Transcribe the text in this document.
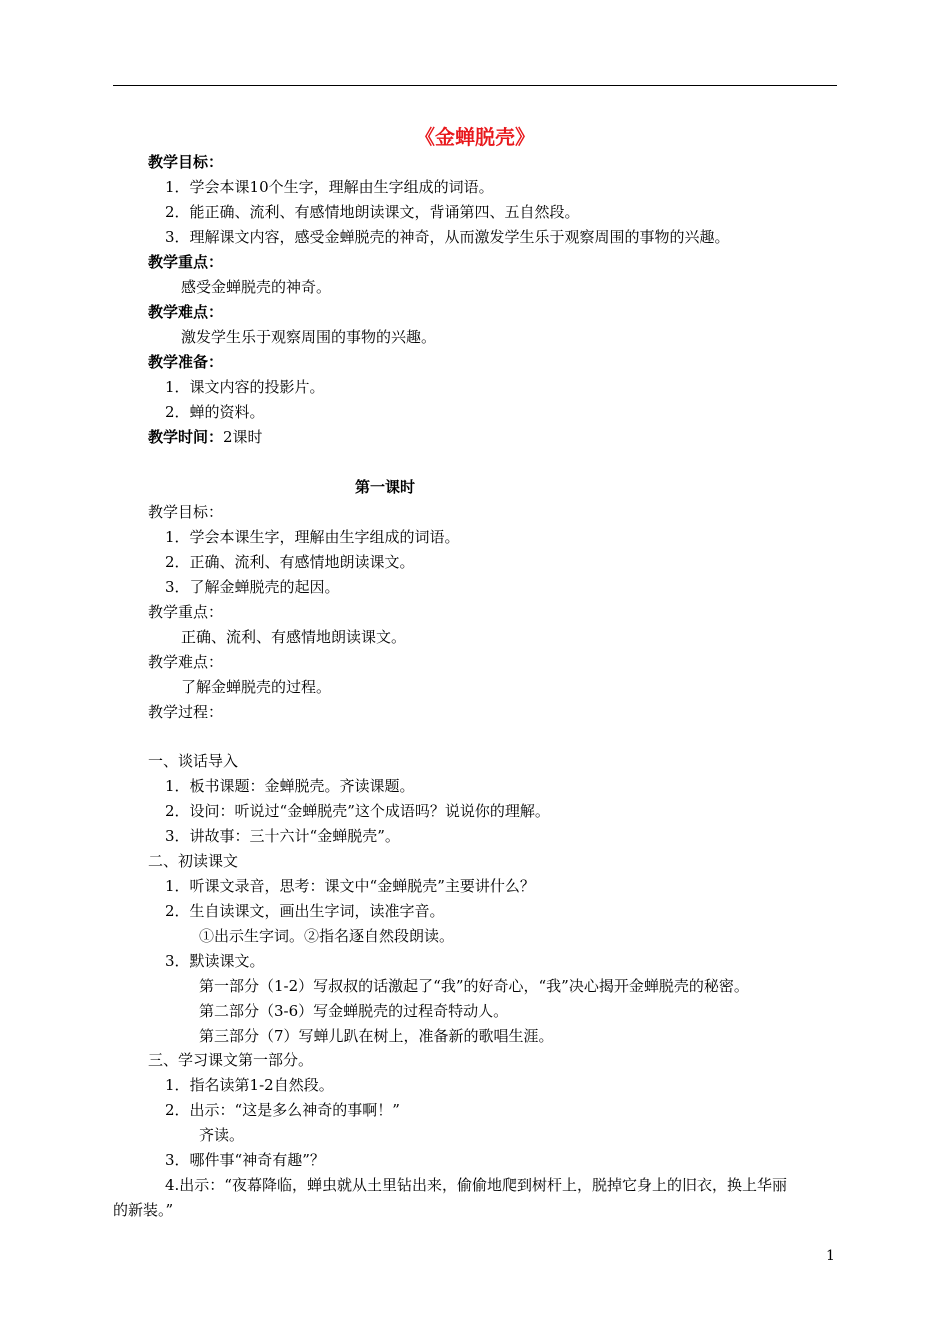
《金蝉脱壳》
教学目标：
1．学会本课10个生字，理解由生字组成的词语。
2．能正确、流利、有感情地朗读课文，背诵第四、五自然段。
3．理解课文内容，感受金蝉脱壳的神奇，从而激发学生乐于观察周围的事物的兴趣。
教学重点：
感受金蝉脱壳的神奇。
教学难点：
激发学生乐于观察周围的事物的兴趣。
教学准备：
1．课文内容的投影片。
2．蝉的资料。
教学时间：2课时
第一课时
教学目标：
1．学会本课生字，理解由生字组成的词语。
2．正确、流利、有感情地朗读课文。
3．了解金蝉脱壳的起因。
教学重点：
正确、流利、有感情地朗读课文。
教学难点：
了解金蝉脱壳的过程。
教学过程：
一、谈话导入
1．板书课题：金蝉脱壳。齐读课题。
2．设问：听说过“金蝉脱壳”这个成语吗？说说你的理解。
3．讲故事：三十六计“金蝉脱壳”。
二、初读课文
1．听课文录音，思考：课文中“金蝉脱壳”主要讲什么？
2．生自读课文，画出生字词，读准字音。
①出示生字词。②指名逐自然段朗读。
3．默读课文。
第一部分（1-2）写叔叔的话激起了“我”的好奇心，“我”决心揭开金蝉脱壳的秘密。
第二部分（3-6）写金蝉脱壳的过程奇特动人。
第三部分（7）写蝉儿趴在树上，准备新的歌唱生涯。
三、学习课文第一部分。
1．指名读第1-2自然段。
2．出示：“这是多么神奇的事啊！”
齐读。
3．哪件事“神奇有趣”？
4.出示：“夜幕降临，蝉虫就从土里钻出来，偷偷地爬到树杆上，脱掉它身上的旧衣，换上华丽
的新装。”
1
